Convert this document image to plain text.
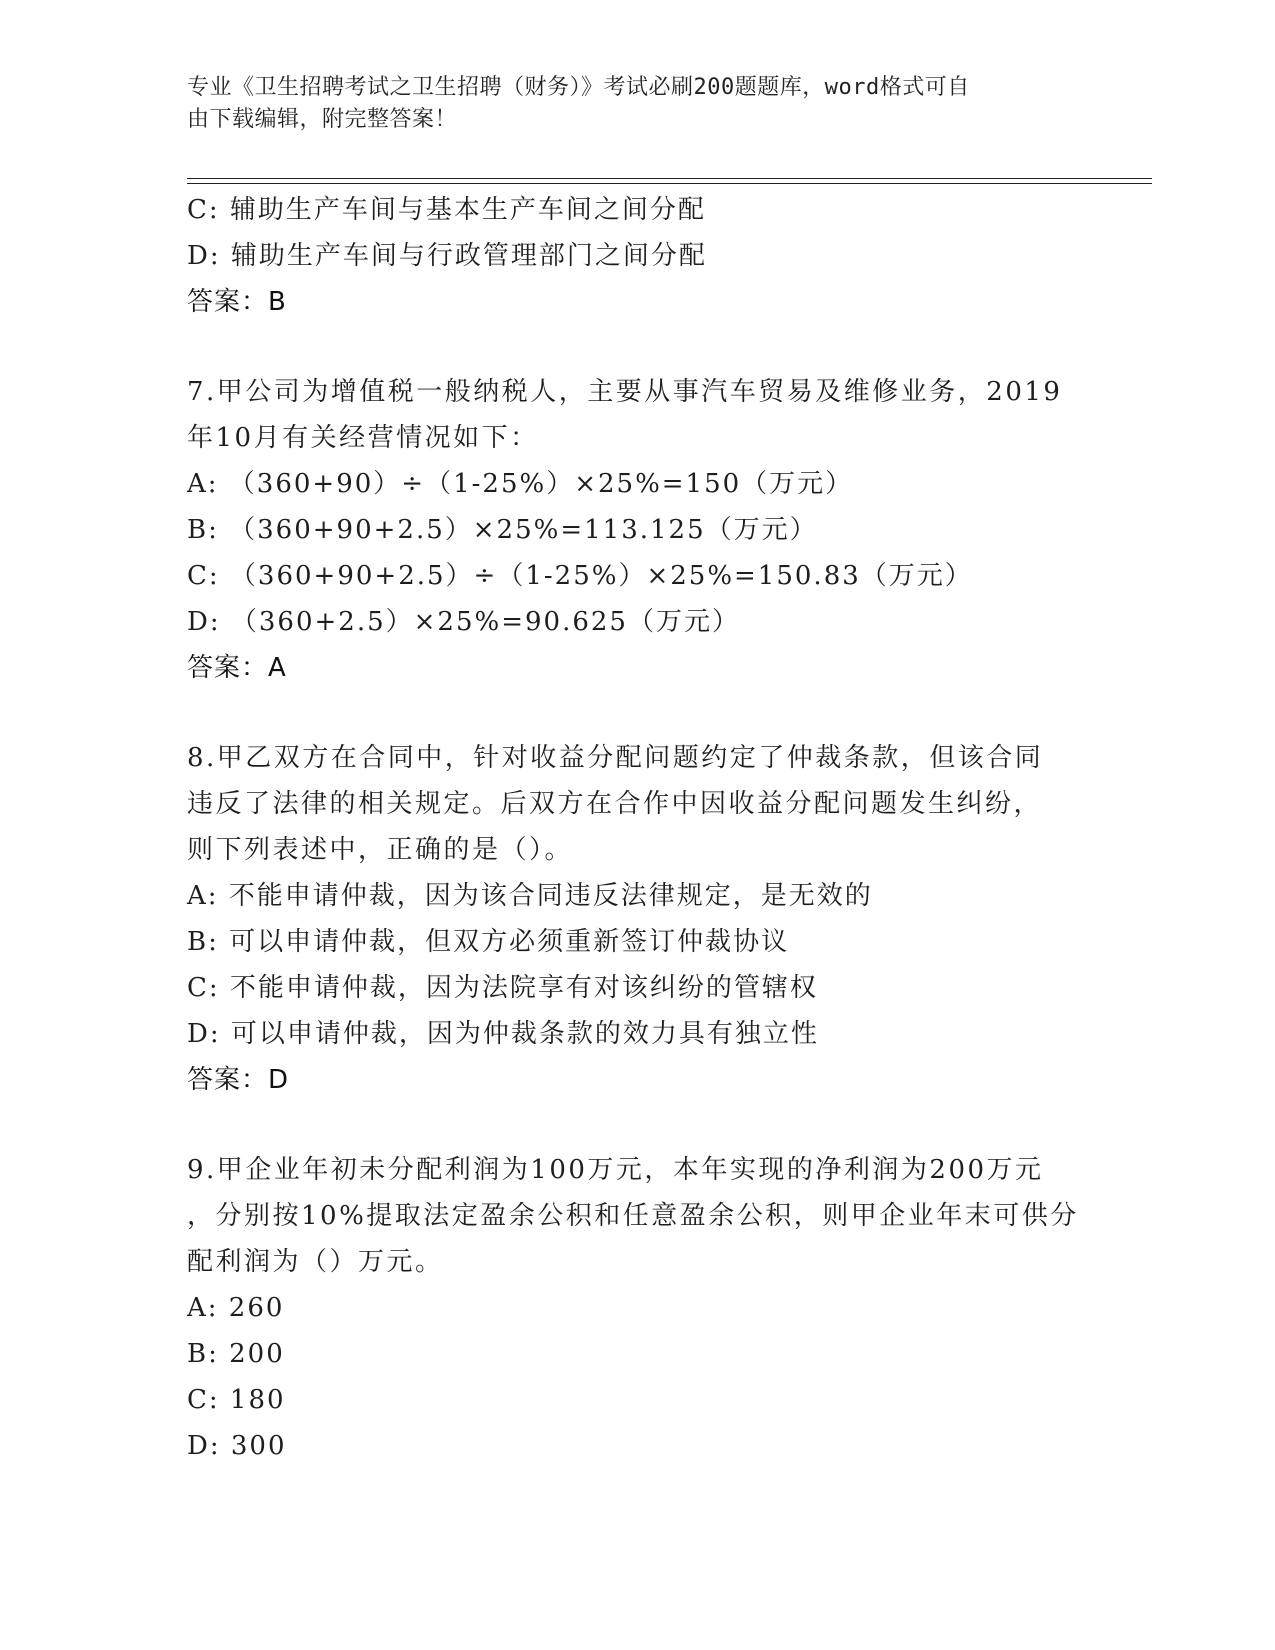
专业《卫生招聘考试之卫生招聘（财务）》考试必刷200题题库，word格式可自
由下载编辑，附完整答案！
C: 辅助生产车间与基本生产车间之间分配
D: 辅助生产车间与行政管理部门之间分配
答案：B
7.甲公司为增值税一般纳税人，主要从事汽车贸易及维修业务，2019
年10月有关经营情况如下：
A: （360+90）÷（1-25%）×25%=150（万元）
B: （360+90+2.5）×25%=113.125（万元）
C: （360+90+2.5）÷（1-25%）×25%=150.83（万元）
D: （360+2.5）×25%=90.625（万元）
答案：A
8.甲乙双方在合同中，针对收益分配问题约定了仲裁条款，但该合同
违反了法律的相关规定。后双方在合作中因收益分配问题发生纠纷，
则下列表述中，正确的是（）。
A: 不能申请仲裁，因为该合同违反法律规定，是无效的
B: 可以申请仲裁，但双方必须重新签订仲裁协议
C: 不能申请仲裁，因为法院享有对该纠纷的管辖权
D: 可以申请仲裁，因为仲裁条款的效力具有独立性
答案：D
9.甲企业年初未分配利润为100万元，本年实现的净利润为200万元
，分别按10%提取法定盈余公积和任意盈余公积，则甲企业年末可供分
配利润为（）万元。
A: 260
B: 200
C: 180
D: 300
